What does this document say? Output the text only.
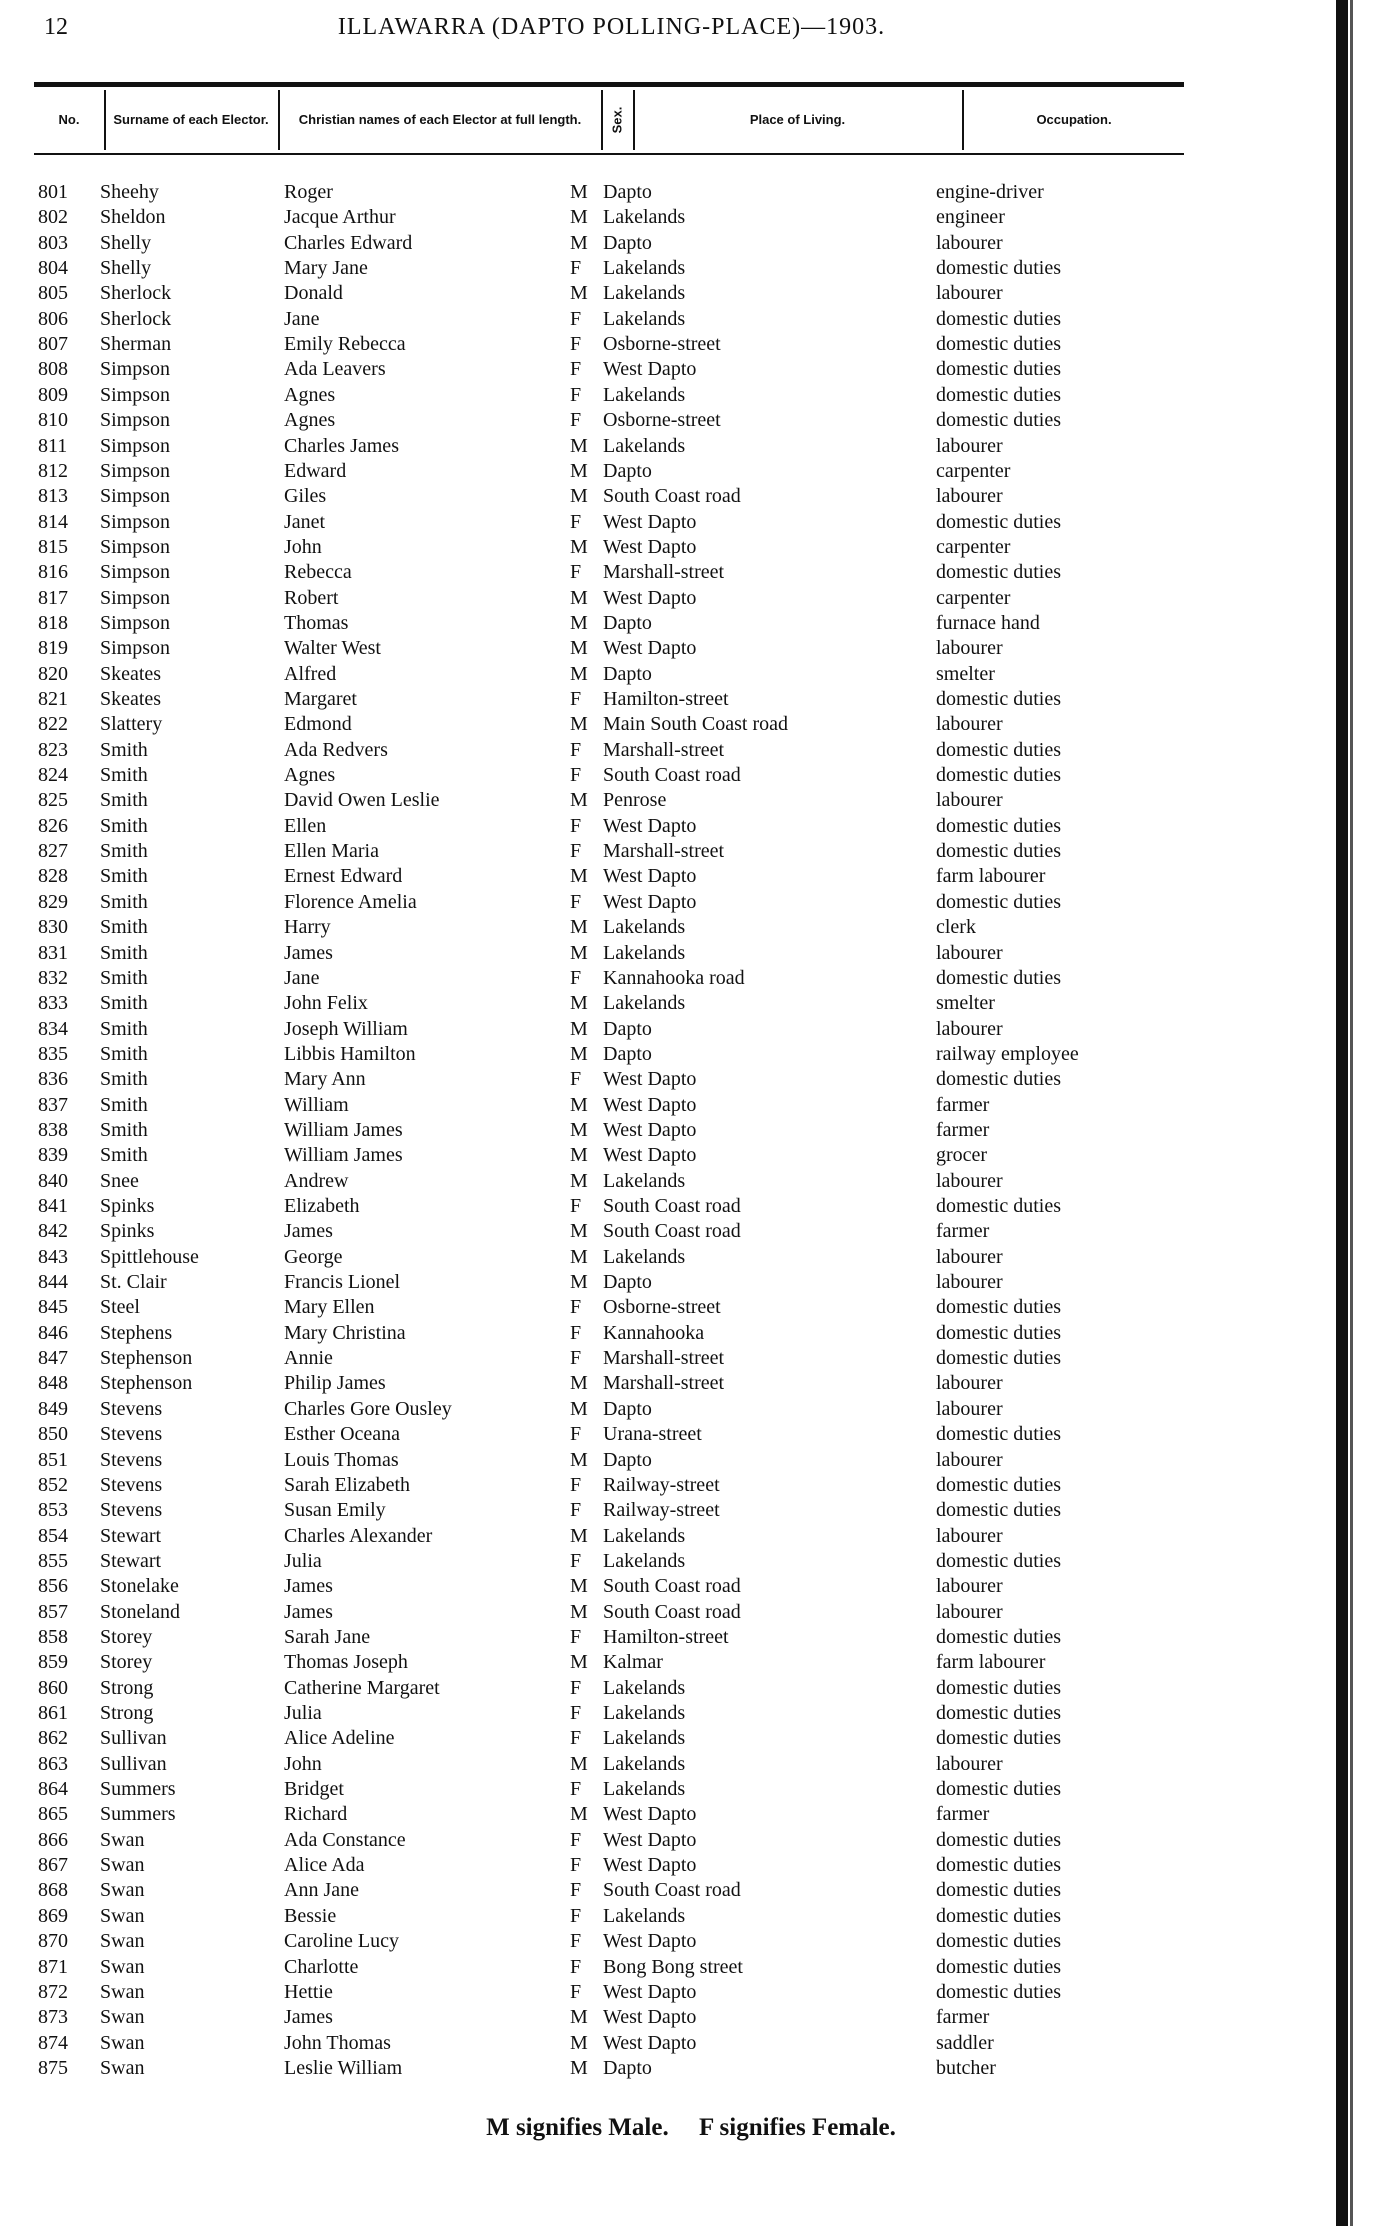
12	ILLAWARRA (DAPTO POLLING-PLACE)—1903.
No.	Surname of each Elector.	Christian names of each Elector at full length.	Sex.	Place of Living.	Occupation.
801 Sheehy	Roger	M Dapto	engine-driver
802 Sheldon	Jacque Arthur	M Lakelands	engineer
803 Shelly	Charles Edward	M Dapto	labourer
804 Shelly	Mary Jane	F Lakelands	domestic duties
805 Sherlock	Donald	M Lakelands	labourer
806 Sherlock	Jane	F Lakelands	domestic duties
807 Sherman	Emily Rebecca	F Osborne-street	domestic duties
808 Simpson	Ada Leavers	F West Dapto	domestic duties
809 Simpson	Agnes	F Lakelands	domestic duties
810 Simpson	Agnes	F Osborne-street	domestic duties
811 Simpson	Charles James	M Lakelands	labourer
812 Simpson	Edward	M Dapto	carpenter
813 Simpson	Giles	M South Coast road	labourer
814 Simpson	Janet	F West Dapto	domestic duties
815 Simpson	John	M West Dapto	carpenter
816 Simpson	Rebecca	F Marshall-street	domestic duties
817 Simpson	Robert	M West Dapto	carpenter
818 Simpson	Thomas	M Dapto	furnace hand
819 Simpson	Walter West	M West Dapto	labourer
820 Skeates	Alfred	M Dapto	smelter
821 Skeates	Margaret	F Hamilton-street	domestic duties
822 Slattery	Edmond	M Main South Coast road	labourer
823 Smith	Ada Redvers	F Marshall-street	domestic duties
824 Smith	Agnes	F South Coast road	domestic duties
825 Smith	David Owen Leslie	M Penrose	labourer
826 Smith	Ellen	F West Dapto	domestic duties
827 Smith	Ellen Maria	F Marshall-street	domestic duties
828 Smith	Ernest Edward	M West Dapto	farm labourer
829 Smith	Florence Amelia	F West Dapto	domestic duties
830 Smith	Harry	M Lakelands	clerk
831 Smith	James	M Lakelands	labourer
832 Smith	Jane	F Kannahooka road	domestic duties
833 Smith	John Felix	M Lakelands	smelter
834 Smith	Joseph William	M Dapto	labourer
835 Smith	Libbis Hamilton	M Dapto	railway employee
836 Smith	Mary Ann	F West Dapto	domestic duties
837 Smith	William	M West Dapto	farmer
838 Smith	William James	M West Dapto	farmer
839 Smith	William James	M West Dapto	grocer
840 Snee	Andrew	M Lakelands	labourer
841 Spinks	Elizabeth	F South Coast road	domestic duties
842 Spinks	James	M South Coast road	farmer
843 Spittlehouse	George	M Lakelands	labourer
844 St. Clair	Francis Lionel	M Dapto	labourer
845 Steel	Mary Ellen	F Osborne-street	domestic duties
846 Stephens	Mary Christina	F Kannahooka	domestic duties
847 Stephenson	Annie	F Marshall-street	domestic duties
848 Stephenson	Philip James	M Marshall-street	labourer
849 Stevens	Charles Gore Ousley	M Dapto	labourer
850 Stevens	Esther Oceana	F Urana-street	domestic duties
851 Stevens	Louis Thomas	M Dapto	labourer
852 Stevens	Sarah Elizabeth	F Railway-street	domestic duties
853 Stevens	Susan Emily	F Railway-street	domestic duties
854 Stewart	Charles Alexander	M Lakelands	labourer
855 Stewart	Julia	F Lakelands	domestic duties
856 Stonelake	James	M South Coast road	labourer
857 Stoneland	James	M South Coast road	labourer
858 Storey	Sarah Jane	F Hamilton-street	domestic duties
859 Storey	Thomas Joseph	M Kalmar	farm labourer
860 Strong	Catherine Margaret	F Lakelands	domestic duties
861 Strong	Julia	F Lakelands	domestic duties
862 Sullivan	Alice Adeline	F Lakelands	domestic duties
863 Sullivan	John	M Lakelands	labourer
864 Summers	Bridget	F Lakelands	domestic duties
865 Summers	Richard	M West Dapto	farmer
866 Swan	Ada Constance	F West Dapto	domestic duties
867 Swan	Alice Ada	F West Dapto	domestic duties
868 Swan	Ann Jane	F South Coast road	domestic duties
869 Swan	Bessie	F Lakelands	domestic duties
870 Swan	Caroline Lucy	F West Dapto	domestic duties
871 Swan	Charlotte	F Bong Bong street	domestic duties
872 Swan	Hettie	F West Dapto	domestic duties
873 Swan	James	M West Dapto	farmer
874 Swan	John Thomas	M West Dapto	saddler
875 Swan	Leslie William	M Dapto	butcher
M signifies Male. F signifies Female.
